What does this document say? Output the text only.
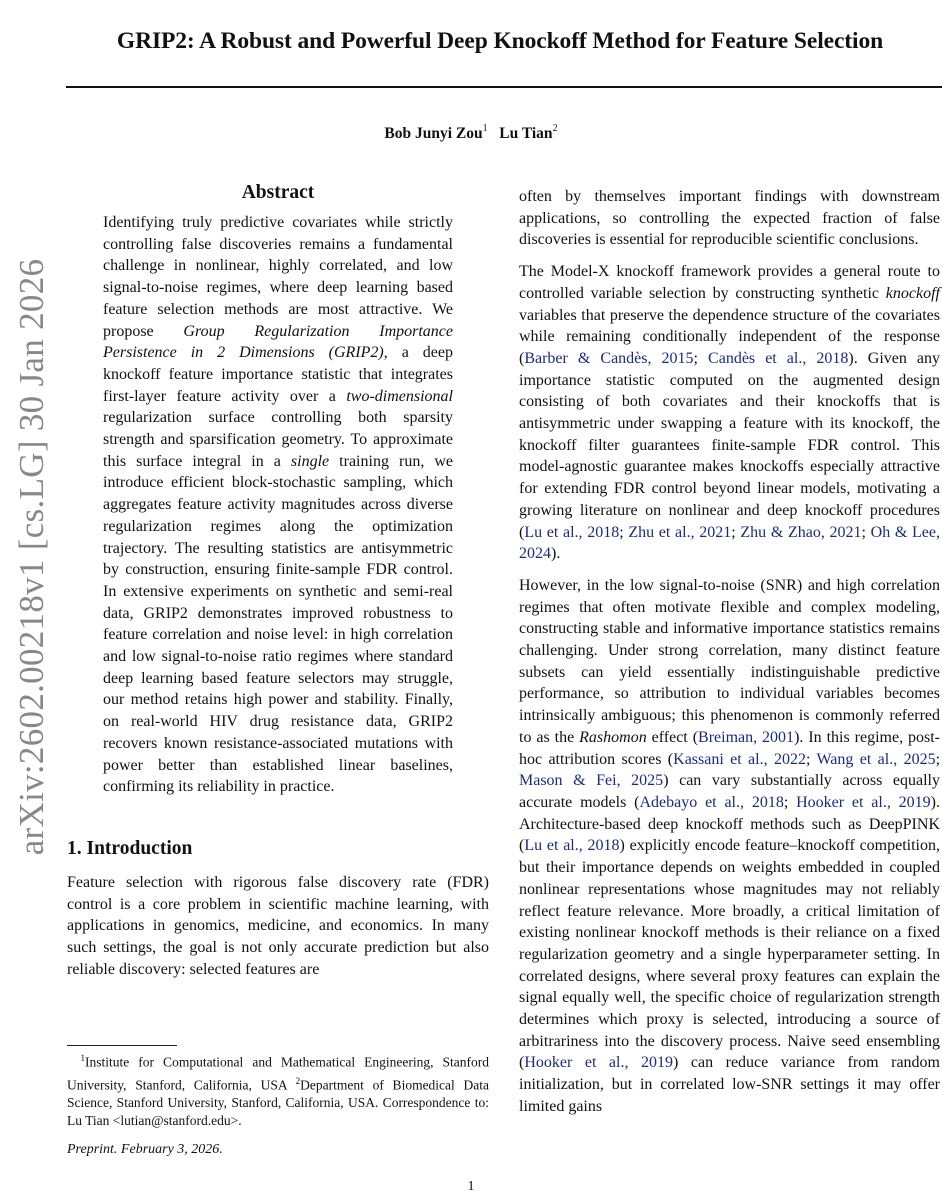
GRIP2: A Robust and Powerful Deep Knockoff Method for Feature Selection
Bob Junyi Zou$^1$ Lu Tian$^2$
arXiv:2602.00218v1 [cs.LG] 30 Jan 2026
Abstract
Identifying truly predictive covariates while strictly controlling false discoveries remains a fundamental challenge in nonlinear, highly correlated, and low signal-to-noise regimes, where deep learning based feature selection methods are most attractive. We propose Group Regularization Importance Persistence in 2 Dimensions (GRIP2), a deep knockoff feature importance statistic that integrates first-layer feature activity over a two-dimensional regularization surface controlling both sparsity strength and sparsification geometry. To approximate this surface integral in a single training run, we introduce efficient block-stochastic sampling, which aggregates feature activity magnitudes across diverse regularization regimes along the optimization trajectory. The resulting statistics are antisymmetric by construction, ensuring finite-sample FDR control. In extensive experiments on synthetic and semi-real data, GRIP2 demonstrates improved robustness to feature correlation and noise level: in high correlation and low signal-to-noise ratio regimes where standard deep learning based feature selectors may struggle, our method retains high power and stability. Finally, on real-world HIV drug resistance data, GRIP2 recovers known resistance-associated mutations with power better than established linear baselines, confirming its reliability in practice.
1. Introduction

Feature selection with rigorous false discovery rate (FDR) control is a core problem in scientific machine learning, with applications in genomics, medicine, and economics. In many such settings, the goal is not only accurate prediction but also reliable discovery: selected features are

often by themselves important findings with downstream applications, so controlling the expected fraction of false discoveries is essential for reproducible scientific conclusions.

The Model-X knockoff framework provides a general route to controlled variable selection by constructing synthetic knockoff variables that preserve the dependence structure of the covariates while remaining conditionally independent of the response (Barber & Candès, 2015; Candès et al., 2018). Given any importance statistic computed on the augmented design consisting of both covariates and their knockoffs that is antisymmetric under swapping a feature with its knockoff, the knockoff filter guarantees finite-sample FDR control. This model-agnostic guarantee makes knockoffs especially attractive for extending FDR control beyond linear models, motivating a growing literature on nonlinear and deep knockoff procedures (Lu et al., 2018; Zhu et al., 2021; Zhu & Zhao, 2021; Oh & Lee, 2024).

However, in the low signal-to-noise (SNR) and high correlation regimes that often motivate flexible and complex modeling, constructing stable and informative importance statistics remains challenging. Under strong correlation, many distinct feature subsets can yield essentially indistinguishable predictive performance, so attribution to individual variables becomes intrinsically ambiguous; this phenomenon is commonly referred to as the Rashomon effect (Breiman, 2001). In this regime, post-hoc attribution scores (Kassani et al., 2022; Wang et al., 2025; Mason & Fei, 2025) can vary substantially across equally accurate models (Adebayo et al., 2018; Hooker et al., 2019). Architecture-based deep knockoff methods such as DeepPINK (Lu et al., 2018) explicitly encode feature–knockoff competition, but their importance depends on weights embedded in coupled nonlinear representations whose magnitudes may not reliably reflect feature relevance. More broadly, a critical limitation of existing nonlinear knockoff methods is their reliance on a fixed regularization geometry and a single hyperparameter setting. In correlated designs, where several proxy features can explain the signal equally well, the specific choice of regularization strength determines which proxy is selected, introducing a source of arbitrariness into the discovery process. Naive seed ensembling (Hooker et al., 2019) can reduce variance from random initialization, but in correlated low-SNR settings it may offer limited gains

 $^1$Institute for Computational and Mathematical Engineering, Stanford University, Stanford, California, USA $^2$Department of Biomedical Data Science, Stanford University, Stanford, California, USA. Correspondence to: Lu Tian <lutian@stanford.edu>.
Preprint. February 3, 2026.
1
